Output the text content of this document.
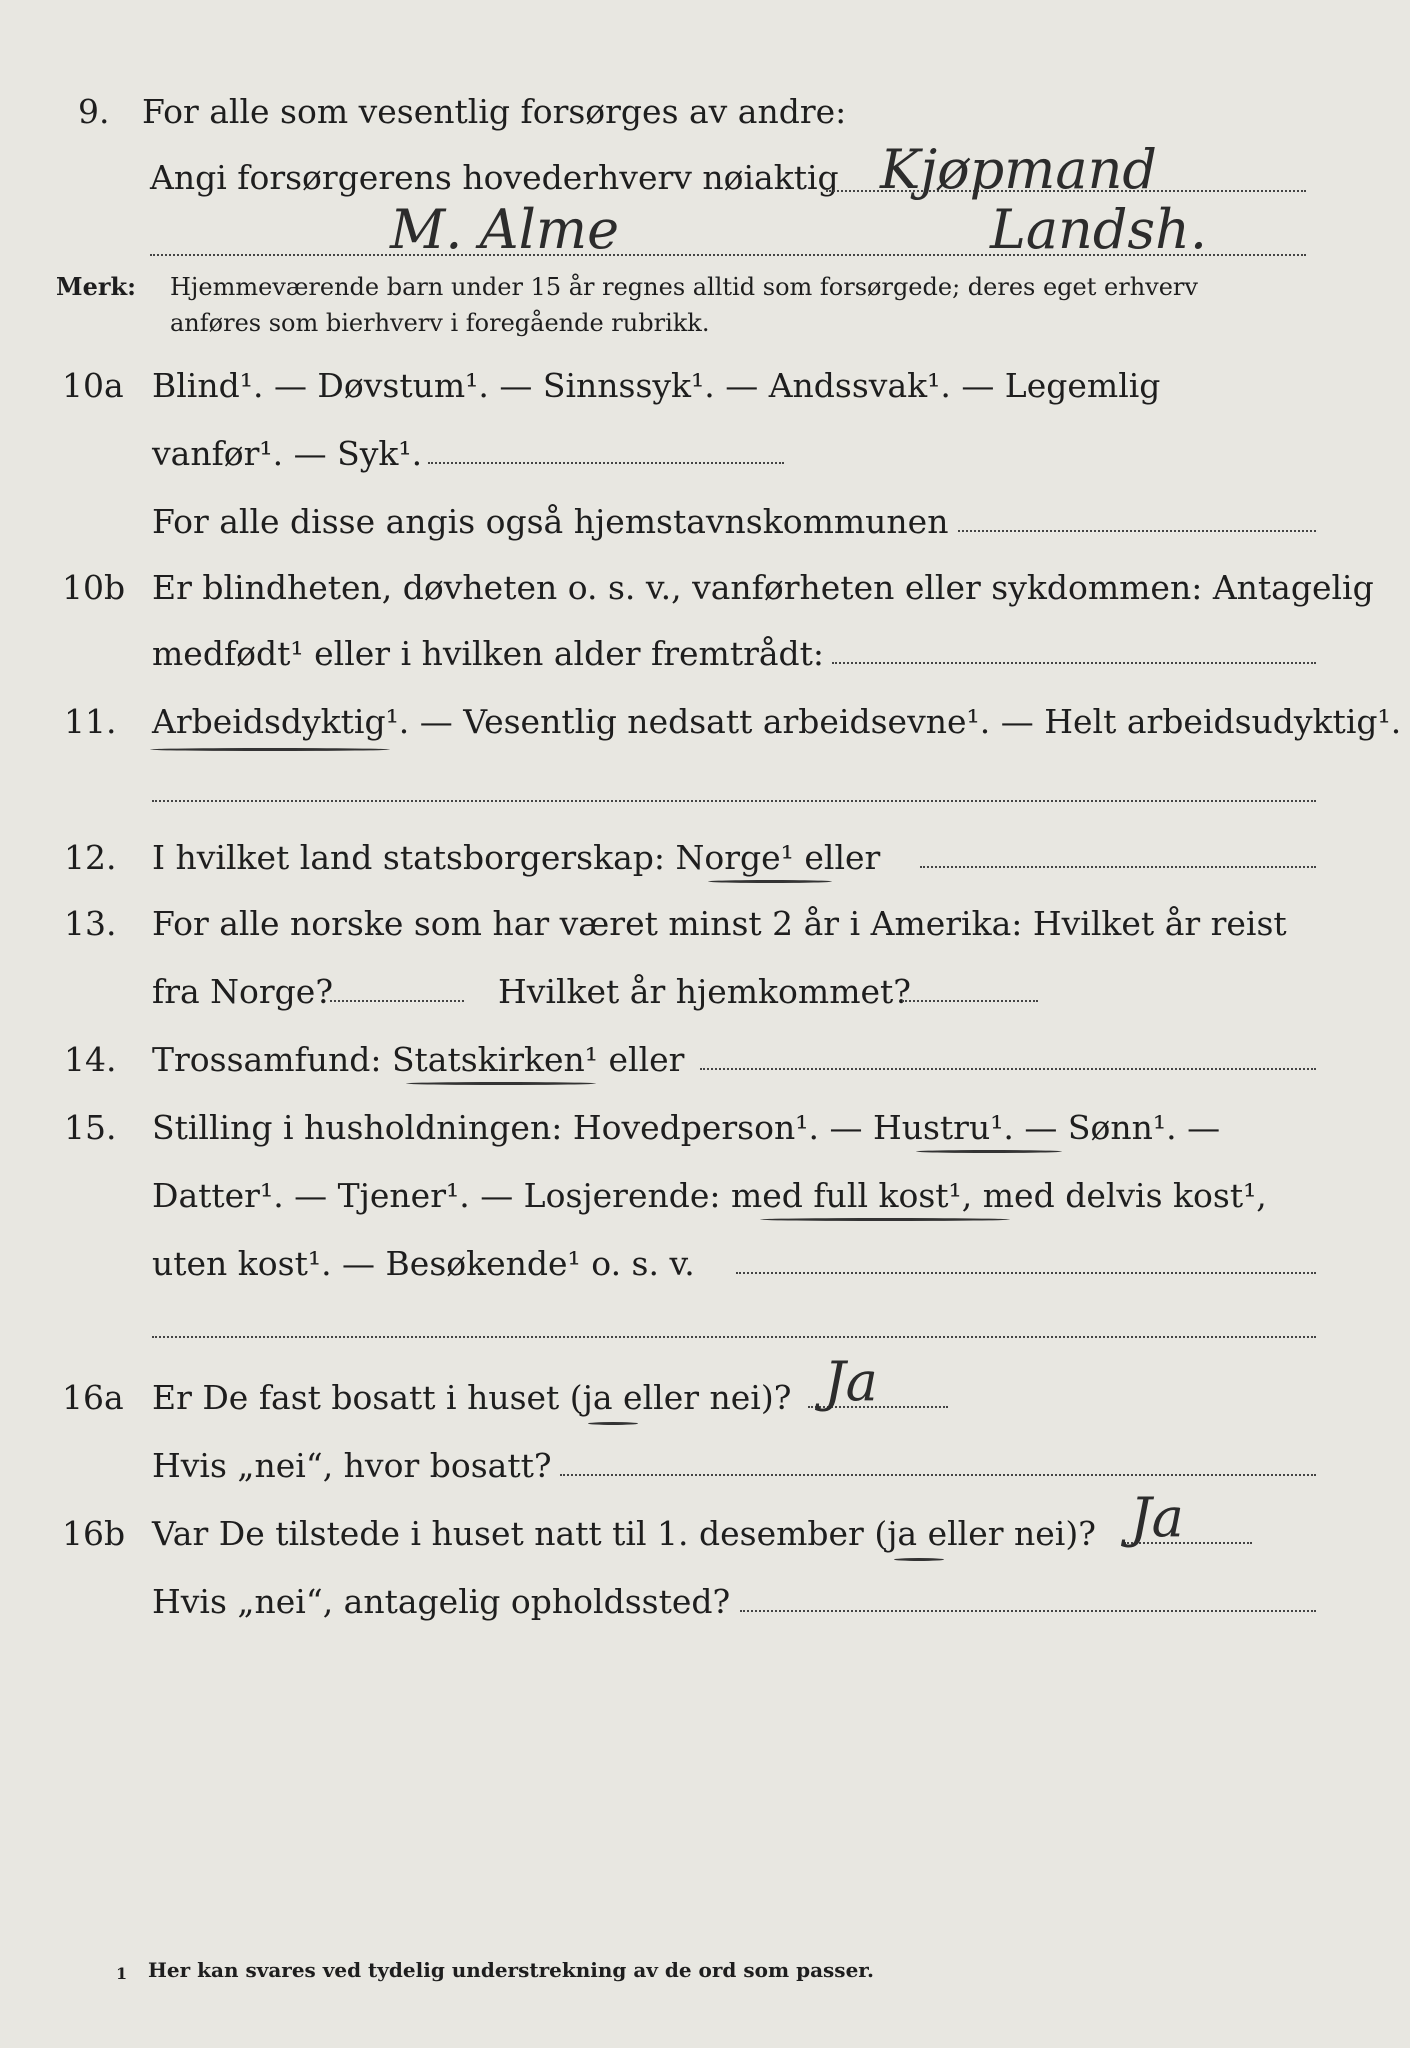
9. For alle som vesentlig forsørges av andre:
Angi forsørgerens hovederhverv nøiaktig Kjøpmand
M. Alme	Landsh.
Merk: Hjemmeværende barn under 15 år regnes alltid som forsørgede; deres eget erhverv
anføres som bierhverv i foregående rubrikk.
10a Blind¹. — Døvstum¹. — Sinnssyk¹. — Andssvak¹. — Legemlig
vanfør¹. — Syk¹.
For alle disse angis også hjemstavnskommunen
10b Er blindheten, døvheten o. s. v., vanførheten eller sykdommen: Antagelig
medfødt¹ eller i hvilken alder fremtrådt:
11. Arbeidsdyktig¹. — Vesentlig nedsatt arbeidsevne¹. — Helt arbeidsudyktig¹.
12. I hvilket land statsborgerskap: Norge¹ eller
13. For alle norske som har været minst 2 år i Amerika: Hvilket år reist
fra Norge?	Hvilket år hjemkommet?
14. Trossamfund: Statskirken¹ eller
15. Stilling i husholdningen: Hovedperson¹. — Hustru¹. — Sønn¹. —
Datter¹. — Tjener¹. — Losjerende: med full kost¹, med delvis kost¹,
uten kost¹. — Besøkende¹ o. s. v.
16a Er De fast bosatt i huset (ja eller nei)? Ja
Hvis „nei“, hvor bosatt?
16b Var De tilstede i huset natt til 1. desember (ja eller nei)? Ja
Hvis „nei“, antagelig opholdssted?
1 Her kan svares ved tydelig understrekning av de ord som passer.
